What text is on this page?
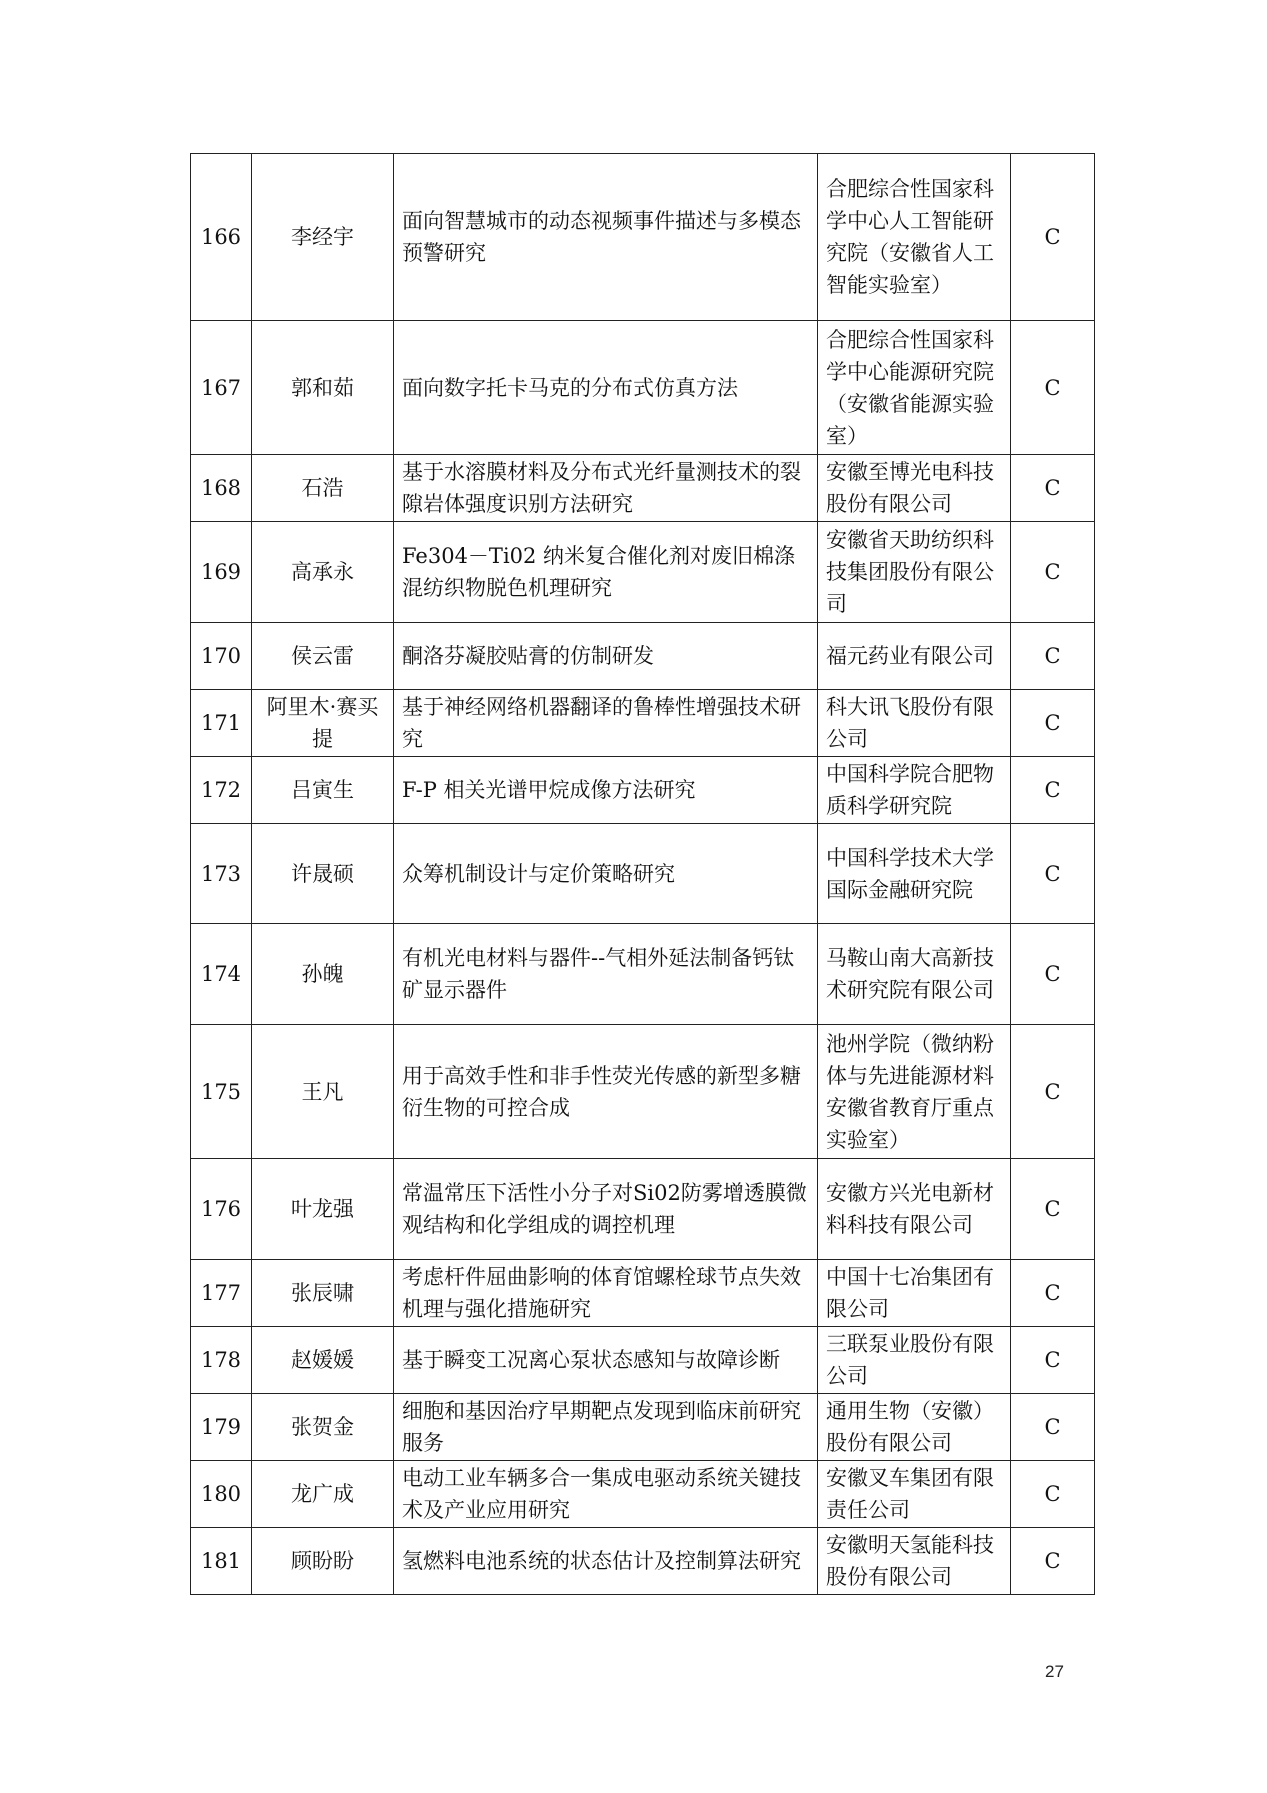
166	李经宇	面向智慧城市的动态视频事件描述与多模态预警研究	合肥综合性国家科学中心人工智能研究院（安徽省人工智能实验室）	C
167	郭和茹	面向数字托卡马克的分布式仿真方法	合肥综合性国家科学中心能源研究院（安徽省能源实验室）	C
168	石浩	基于水溶膜材料及分布式光纤量测技术的裂隙岩体强度识别方法研究	安徽至博光电科技股份有限公司	C
169	高承永	Fe304－Ti02 纳米复合催化剂对废旧棉涤混纺织物脱色机理研究	安徽省天助纺织科技集团股份有限公司	C
170	侯云雷	酮洛芬凝胶贴膏的仿制研发	福元药业有限公司	C
171	阿里木·赛买提	基于神经网络机器翻译的鲁棒性增强技术研究	科大讯飞股份有限公司	C
172	吕寅生	F-P 相关光谱甲烷成像方法研究	中国科学院合肥物质科学研究院	C
173	许晟硕	众筹机制设计与定价策略研究	中国科学技术大学国际金融研究院	C
174	孙魄	有机光电材料与器件--气相外延法制备钙钛矿显示器件	马鞍山南大高新技术研究院有限公司	C
175	王凡	用于高效手性和非手性荧光传感的新型多糖衍生物的可控合成	池州学院（微纳粉体与先进能源材料安徽省教育厅重点实验室）	C
176	叶龙强	常温常压下活性小分子对Si02防雾增透膜微观结构和化学组成的调控机理	安徽方兴光电新材料科技有限公司	C
177	张辰啸	考虑杆件屈曲影响的体育馆螺栓球节点失效机理与强化措施研究	中国十七冶集团有限公司	C
178	赵媛媛	基于瞬变工况离心泵状态感知与故障诊断	三联泵业股份有限公司	C
179	张贺金	细胞和基因治疗早期靶点发现到临床前研究服务	通用生物（安徽）股份有限公司	C
180	龙广成	电动工业车辆多合一集成电驱动系统关键技术及产业应用研究	安徽叉车集团有限责任公司	C
181	顾盼盼	氢燃料电池系统的状态估计及控制算法研究	安徽明天氢能科技股份有限公司	C
27
